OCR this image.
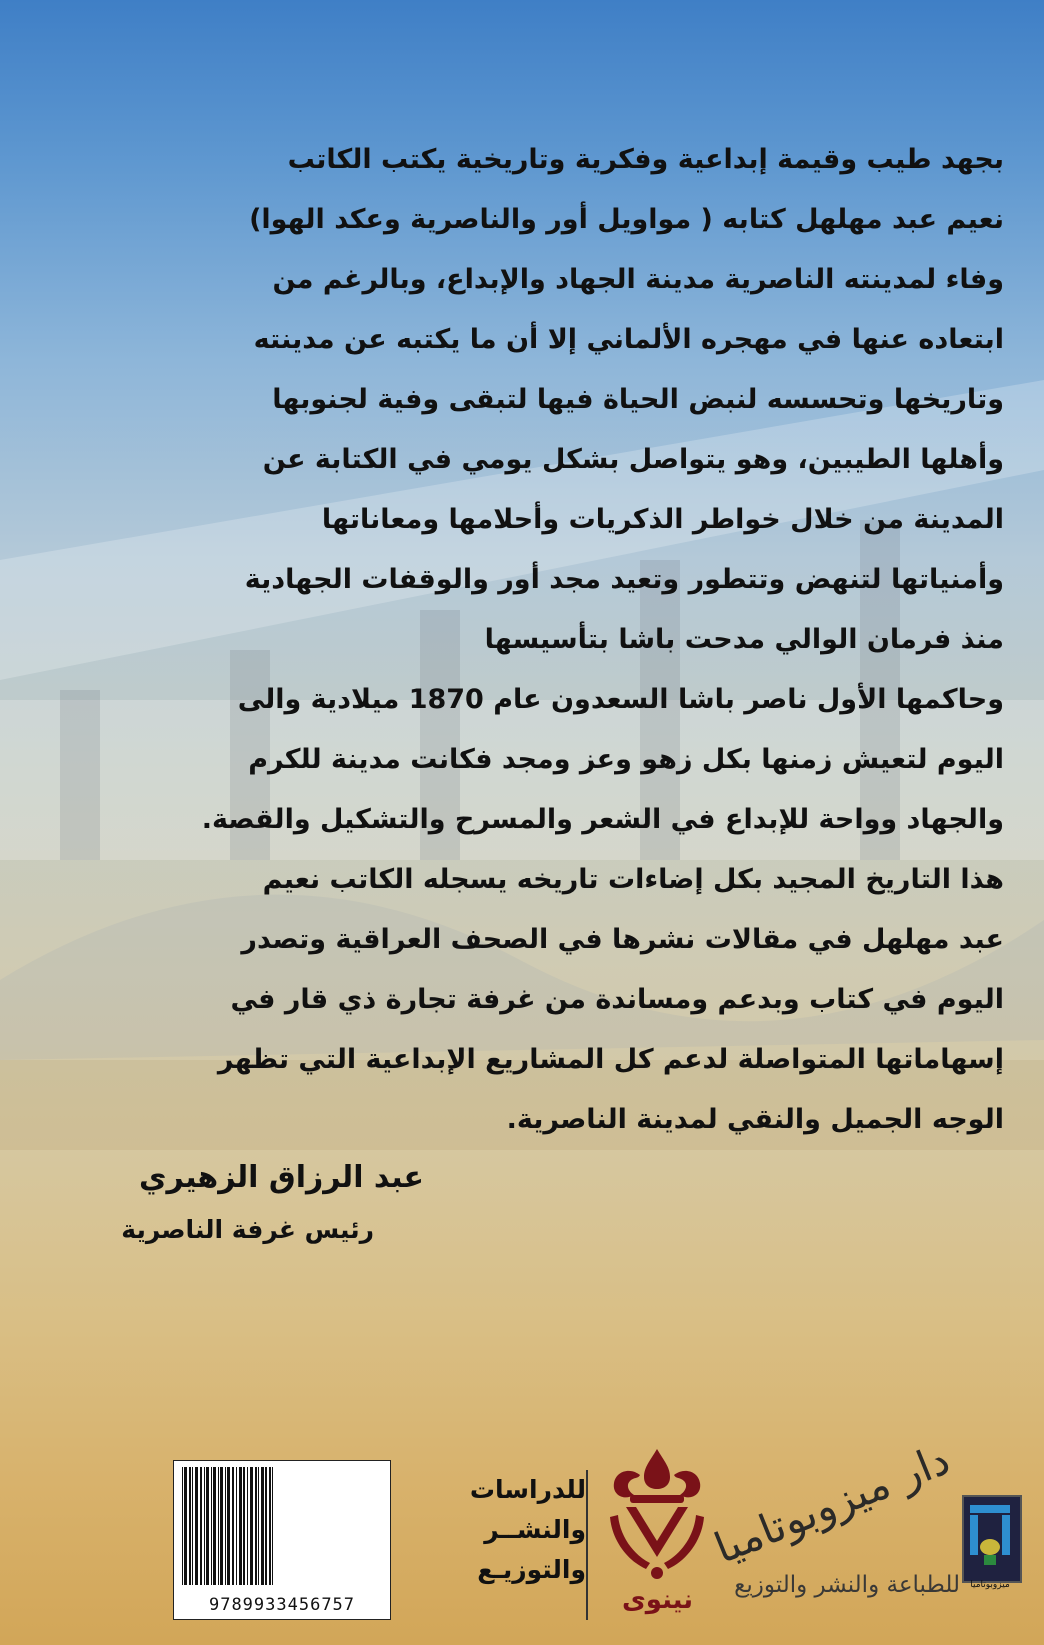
بجهد طيب وقيمة إبداعية وفكرية وتاريخية يكتب الكاتب
نعيم عبد مهلهل كتابه ( مواويل أور والناصرية وعكد الهوا)
وفاء لمدينته الناصرية مدينة الجهاد والإبداع، وبالرغم من
ابتعاده عنها في مهجره الألماني إلا أن ما يكتبه عن مدينته
وتاريخها وتحسسه لنبض الحياة فيها لتبقى وفية لجنوبها
وأهلها الطيبين، وهو يتواصل بشكل يومي في الكتابة عن
المدينة من خلال خواطر الذكريات وأحلامها ومعاناتها
وأمنياتها لتنهض وتتطور وتعيد مجد أور والوقفات الجهادية
منذ فرمان الوالي مدحت باشا بتأسيسها
وحاكمها الأول ناصر باشا السعدون عام 1870 ميلادية والى
اليوم لتعيش زمنها بكل زهو وعز ومجد فكانت مدينة للكرم
والجهاد وواحة للإبداع في الشعر والمسرح والتشكيل والقصة.
هذا التاريخ المجيد بكل إضاءات تاريخه يسجله الكاتب نعيم
عبد مهلهل في مقالات نشرها في الصحف العراقية وتصدر
اليوم في كتاب وبدعم ومساندة من غرفة تجارة ذي قار في
إسهاماتها المتواصلة لدعم كل المشاريع الإبداعية التي تظهر
الوجه الجميل والنقي لمدينة الناصرية.
عبد الرزاق الزهيري
رئيس غرفة الناصرية
9789933456757
للدراسات
والنشــر
والتوزيـع
نينوى
دار ميزوبوتاميا
للطباعة والنشر والتوزيع	ميزوبوتاميا
